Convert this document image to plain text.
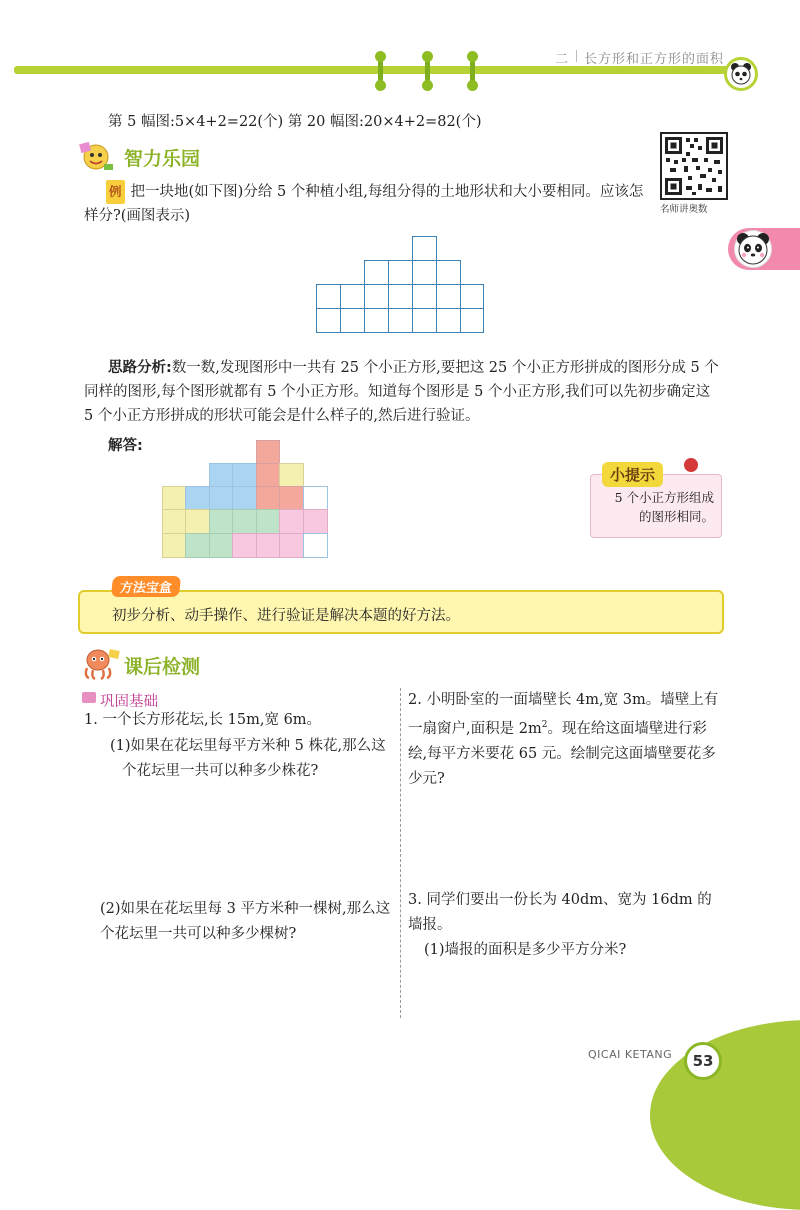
二 长方形和正方形的面积
第 5 幅图:5×4+2=22(个) 第 20 幅图:20×4+2=82(个)
智力乐园
名师讲奥数
例 把一块地(如下图)分给 5 个种植小组,每组分得的土地形状和大小要相同。应该怎样分?(画图表示)
思路分析:数一数,发现图形中一共有 25 个小正方形,要把这 25 个小正方形拼成的图形分成 5 个同样的图形,每个图形就都有 5 个小正方形。知道每个图形是 5 个小正方形,我们可以先初步确定这 5 个小正方形拼成的形状可能会是什么样子的,然后进行验证。
解答:
小提示
5 个小正方形组成的图形相同。
方法宝盒
初步分析、动手操作、进行验证是解决本题的好方法。
课后检测
巩固基础
1. 一个长方形花坛,长 15m,宽 6m。
(1)如果在花坛里每平方米种 5 株花,那么这个花坛里一共可以种多少株花?
(2)如果在花坛里每 3 平方米种一棵树,那么这个花坛里一共可以种多少棵树?
2. 小明卧室的一面墙壁长 4m,宽 3m。墙壁上有一扇窗户,面积是 $2m^2$。现在给这面墙壁进行彩绘,每平方米要花 65 元。绘制完这面墙壁要花多少元?
3. 同学们要出一份长为 40dm、宽为 16dm 的墙报。
(1)墙报的面积是多少平方分米?
QICAI KETANG	53
